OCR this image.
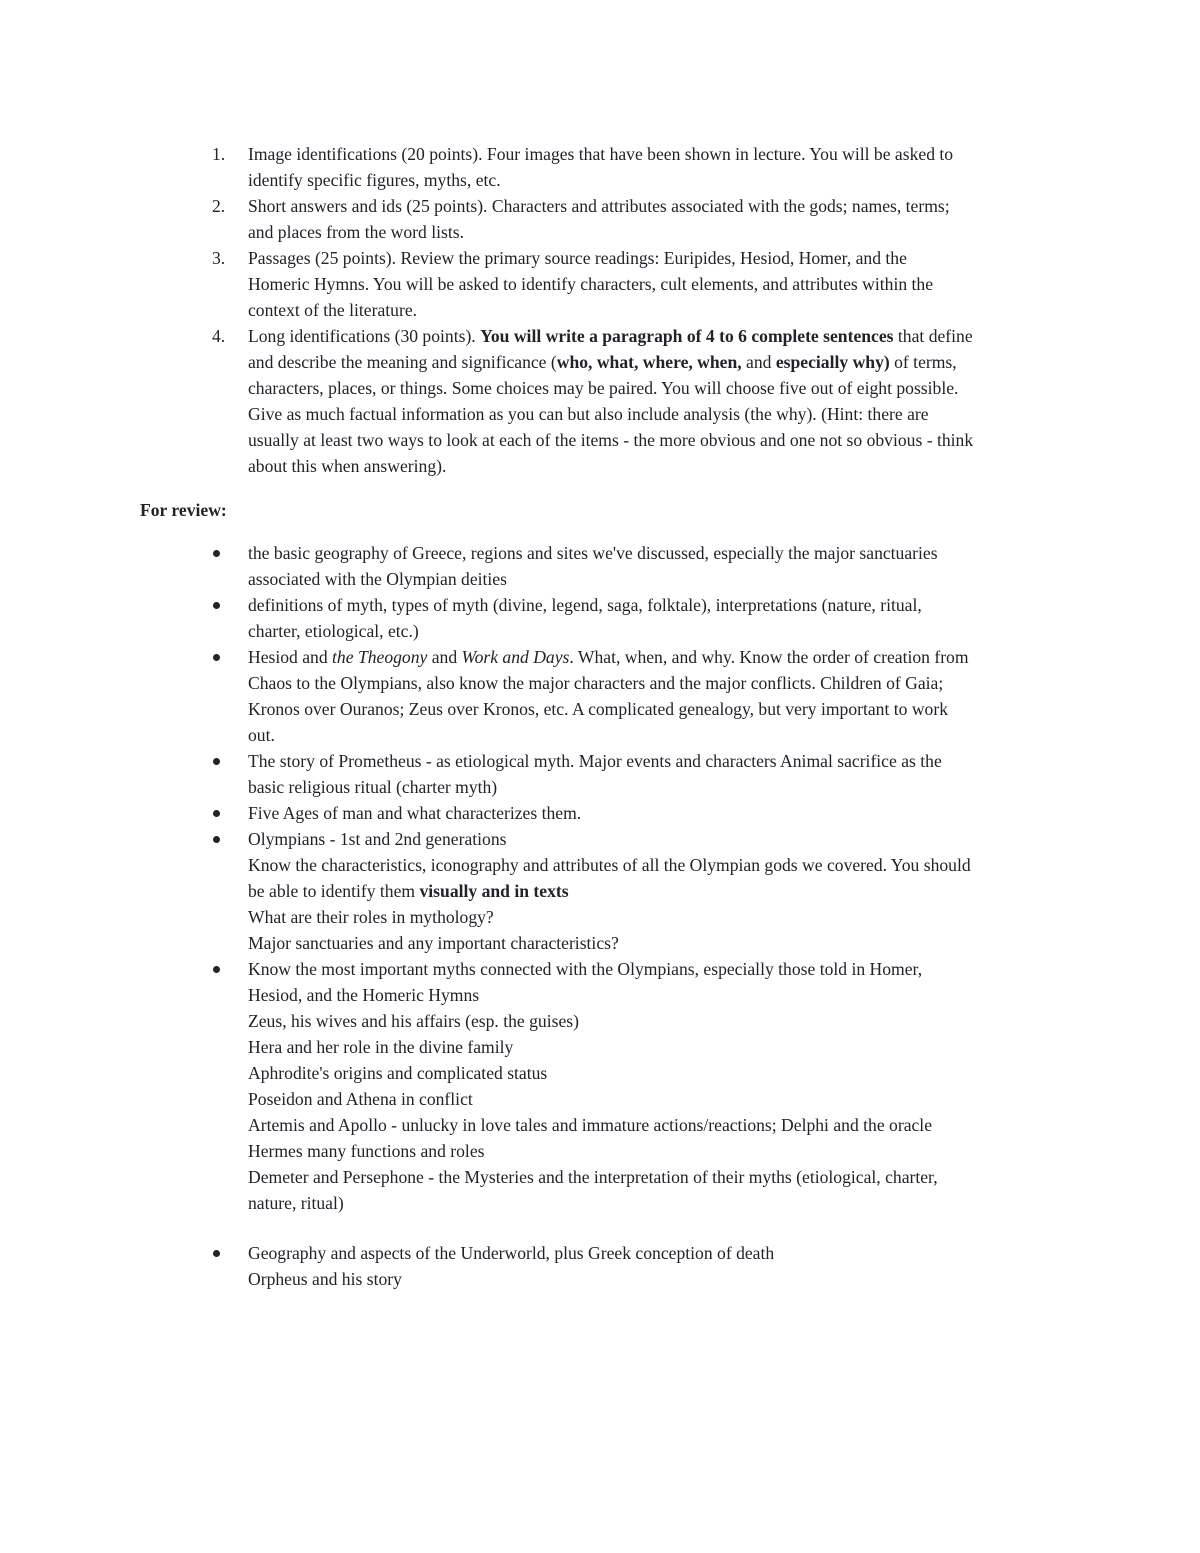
1. Image identifications (20 points). Four images that have been shown in lecture. You will be asked to
identify specific figures, myths, etc.
2. Short answers and ids (25 points). Characters and attributes associated with the gods; names, terms;
and places from the word lists.
3. Passages (25 points). Review the primary source readings: Euripides, Hesiod, Homer, and the
Homeric Hymns. You will be asked to identify characters, cult elements, and attributes within the
context of the literature.
4. Long identifications (30 points). You will write a paragraph of 4 to 6 complete sentences that define
and describe the meaning and significance (who, what, where, when, and especially why) of terms,
characters, places, or things. Some choices may be paired. You will choose five out of eight possible.
Give as much factual information as you can but also include analysis (the why). (Hint: there are
usually at least two ways to look at each of the items - the more obvious and one not so obvious - think
about this when answering).
For review:
the basic geography of Greece, regions and sites we've discussed, especially the major sanctuaries
associated with the Olympian deities
definitions of myth, types of myth (divine, legend, saga, folktale), interpretations (nature, ritual,
charter, etiological, etc.)
Hesiod and the Theogony and Work and Days. What, when, and why. Know the order of creation from
Chaos to the Olympians, also know the major characters and the major conflicts. Children of Gaia;
Kronos over Ouranos; Zeus over Kronos, etc. A complicated genealogy, but very important to work
out.
The story of Prometheus - as etiological myth. Major events and characters Animal sacrifice as the
basic religious ritual (charter myth)
Five Ages of man and what characterizes them.
Olympians - 1st and 2nd generations
Know the characteristics, iconography and attributes of all the Olympian gods we covered. You should
be able to identify them visually and in texts
What are their roles in mythology?
Major sanctuaries and any important characteristics?
Know the most important myths connected with the Olympians, especially those told in Homer,
Hesiod, and the Homeric Hymns
Zeus, his wives and his affairs (esp. the guises)
Hera and her role in the divine family
Aphrodite's origins and complicated status
Poseidon and Athena in conflict
Artemis and Apollo - unlucky in love tales and immature actions/reactions; Delphi and the oracle
Hermes many functions and roles
Demeter and Persephone - the Mysteries and the interpretation of their myths (etiological, charter,
nature, ritual)
Geography and aspects of the Underworld, plus Greek conception of death
Orpheus and his story
